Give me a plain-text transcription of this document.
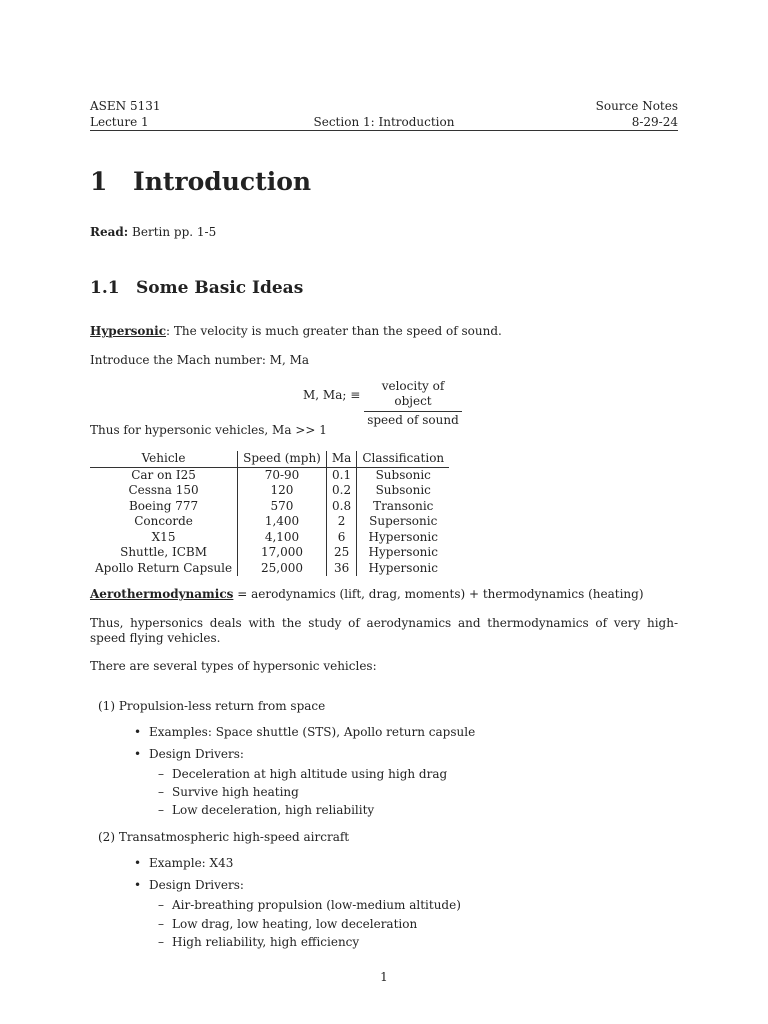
ASEN 5131	Source Notes
Lecture 1	Section 1: Introduction	8-29-24
1 Introduction

Read: Bertin pp. 1-5

1.1 Some Basic Ideas

Hypersonic: The velocity is much greater than the speed of sound.

Introduce the Mach number: M, Ma

M, Ma; ≡
velocity of object
speed of sound

Thus for hypersonic vehicles, Ma >> 1

Vehicle	Speed (mph)	Ma	Classification
Car on I25	70-90	0.1	Subsonic
Cessna 150	120	0.2	Subsonic
Boeing 777	570	0.8	Transonic
Concorde	1,400	2	Supersonic
X15	4,100	6	Hypersonic
Shuttle, ICBM	17,000	25	Hypersonic
Apollo Return Capsule	25,000	36	Hypersonic

Aerothermodynamics = aerodynamics (lift, drag, moments) + thermodynamics (heating)

Thus, hypersonics deals with the study of aerodynamics and thermodynamics of very high-speed flying vehicles.

There are several types of hypersonic vehicles:

(1) Propulsion-less return from space
• Examples: Space shuttle (STS), Apollo return capsule
• Design Drivers:
– Deceleration at high altitude using high drag
– Survive high heating
– Low deceleration, high reliability
(2) Transatmospheric high-speed aircraft
• Example: X43
• Design Drivers:
– Air-breathing propulsion (low-medium altitude)
– Low drag, low heating, low deceleration
– High reliability, high efficiency
1
